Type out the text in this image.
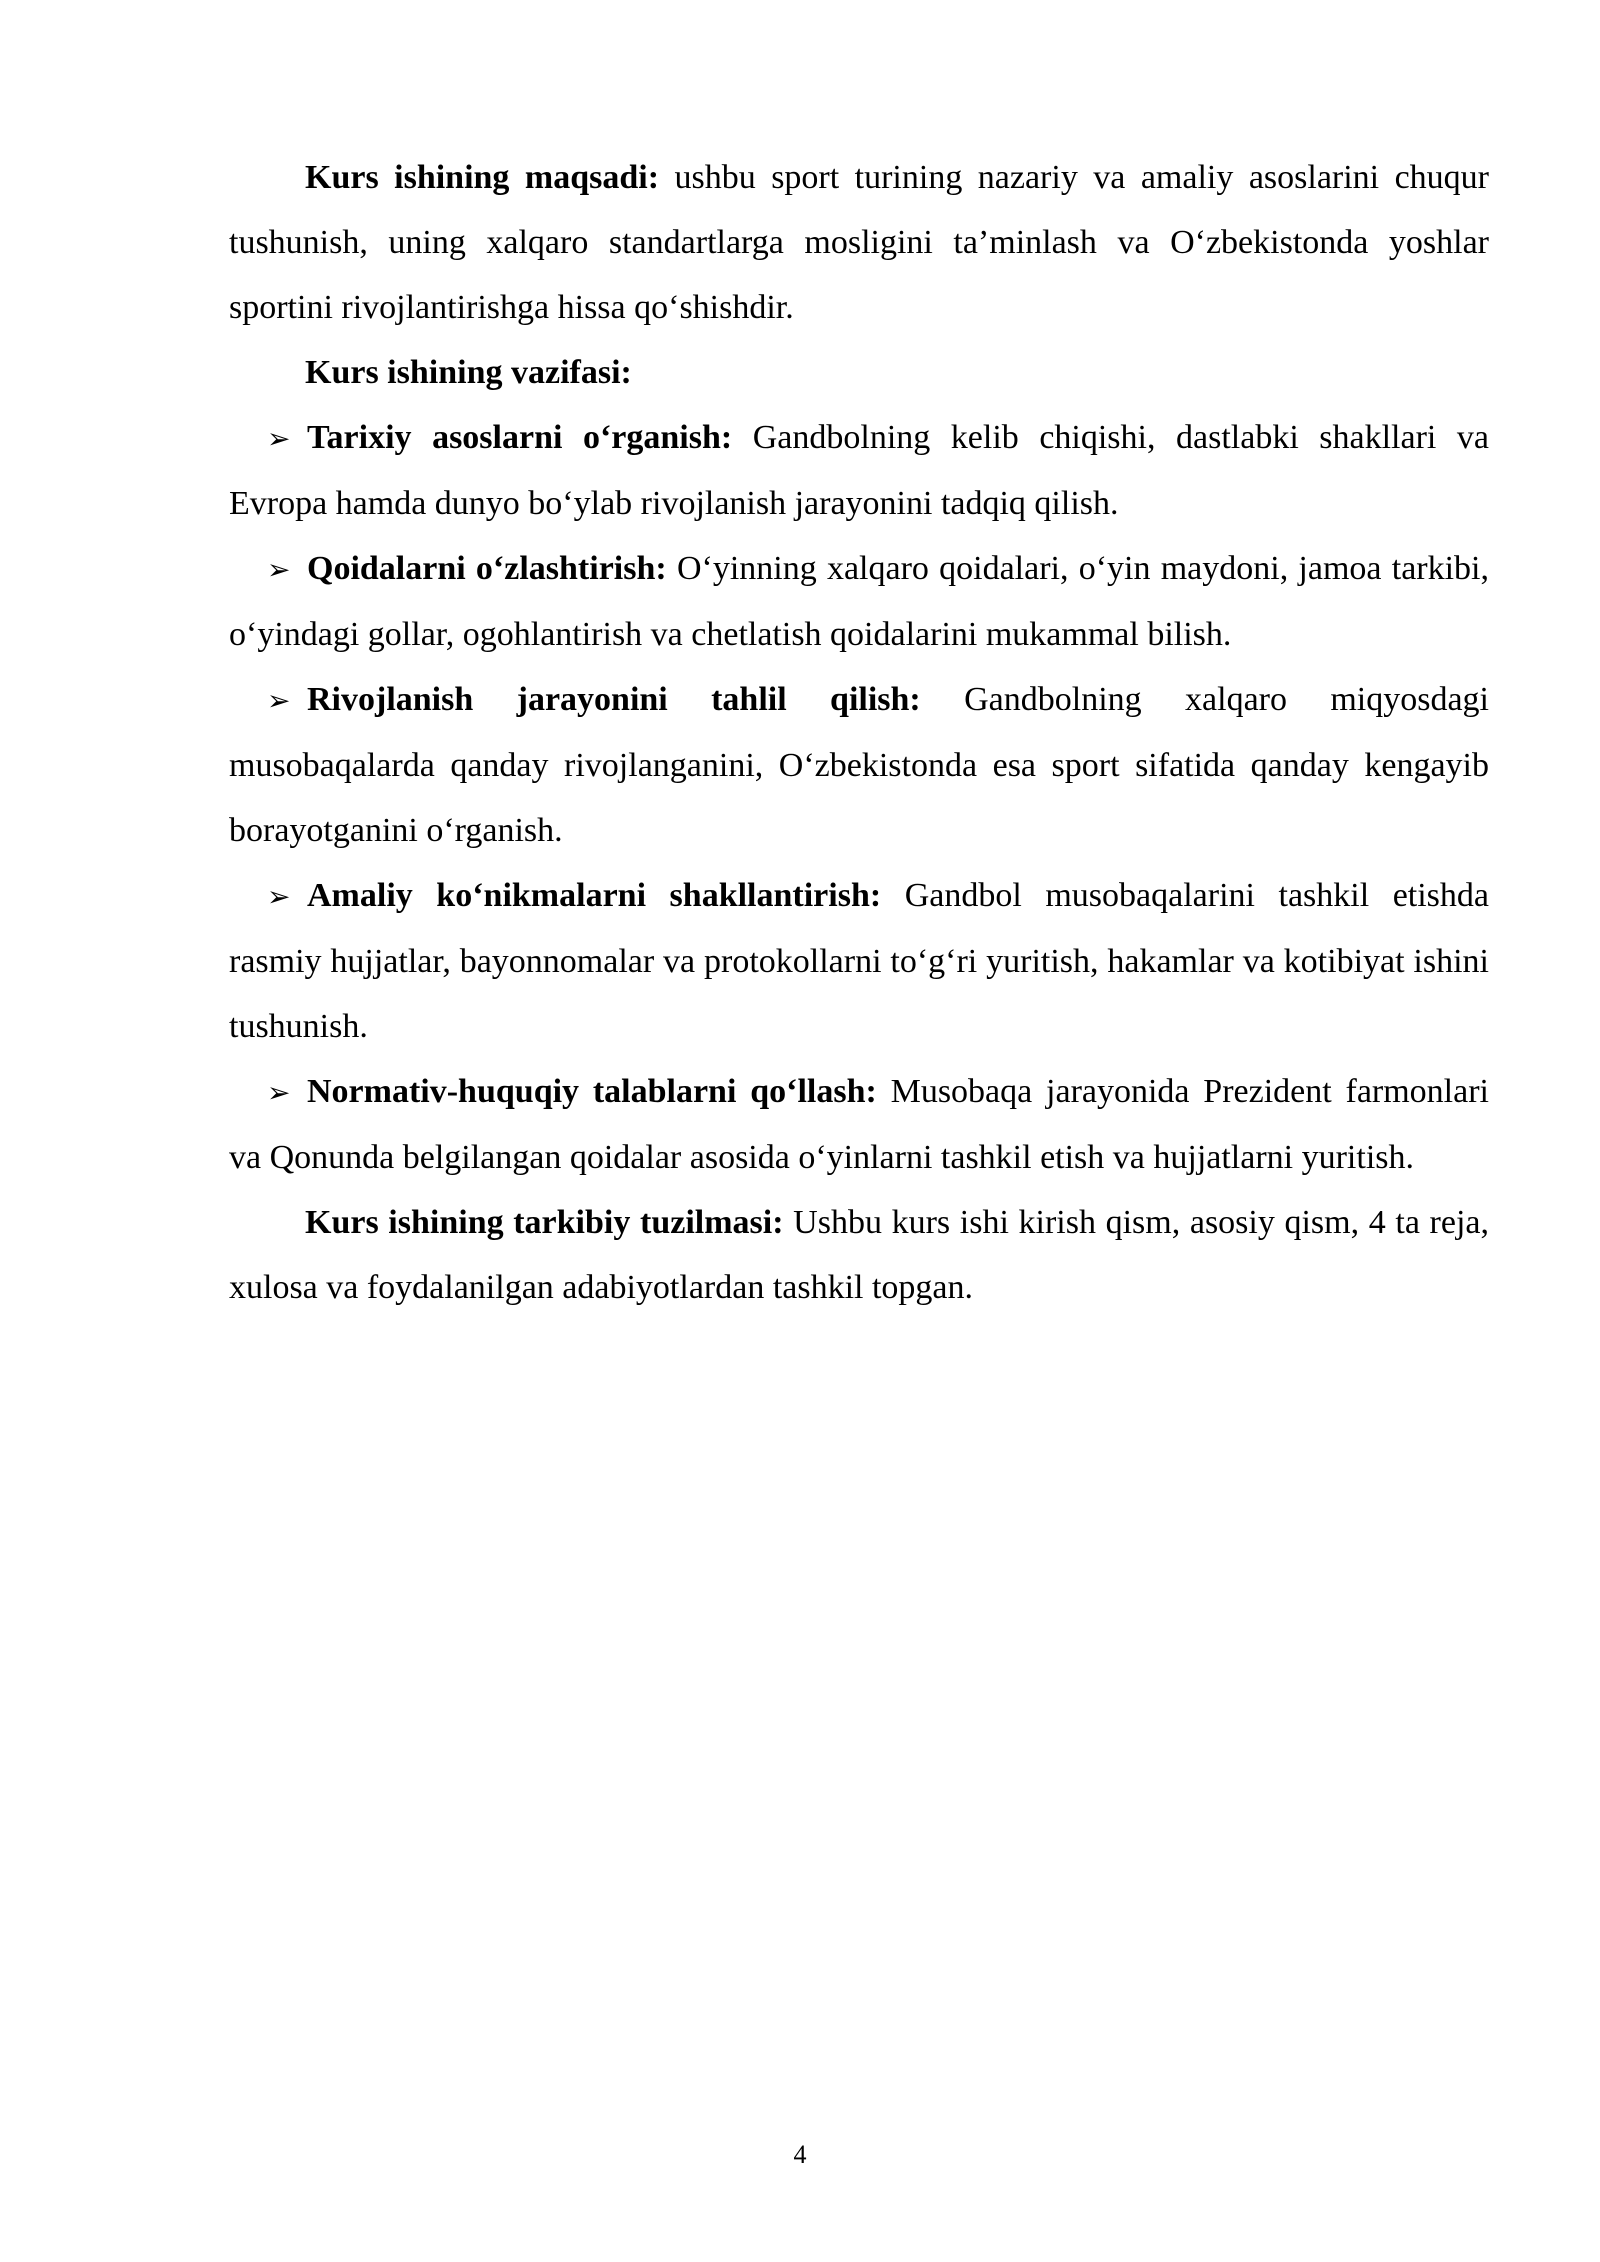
Kurs ishining maqsadi: ushbu sport turining nazariy va amaliy asoslarini chuqur tushunish, uning xalqaro standartlarga mosligini ta’minlash va O‘zbekistonda yoshlar sportini rivojlantirishga hissa qo‘shishdir.

Kurs ishining vazifasi:

➢ Tarixiy asoslarni o‘rganish: Gandbolning kelib chiqishi, dastlabki shakllari va Evropa hamda dunyo bo‘ylab rivojlanish jarayonini tadqiq qilish.

➢ Qoidalarni o‘zlashtirish: O‘yinning xalqaro qoidalari, o‘yin maydoni, jamoa tarkibi, o‘yindagi gollar, ogohlantirish va chetlatish qoidalarini mukammal bilish.

➢ Rivojlanish jarayonini tahlil qilish: Gandbolning xalqaro miqyosdagi musobaqalarda qanday rivojlanganini, O‘zbekistonda esa sport sifatida qanday kengayib borayotganini o‘rganish.

➢ Amaliy ko‘nikmalarni shakllantirish: Gandbol musobaqalarini tashkil etishda rasmiy hujjatlar, bayonnomalar va protokollarni to‘g‘ri yuritish, hakamlar va kotibiyat ishini tushunish.

➢ Normativ-huquqiy talablarni qo‘llash: Musobaqa jarayonida Prezident farmonlari va Qonunda belgilangan qoidalar asosida o‘yinlarni tashkil etish va hujjatlarni yuritish.

Kurs ishining tarkibiy tuzilmasi: Ushbu kurs ishi kirish qism, asosiy qism, 4 ta reja, xulosa va foydalanilgan adabiyotlardan tashkil topgan.

4
